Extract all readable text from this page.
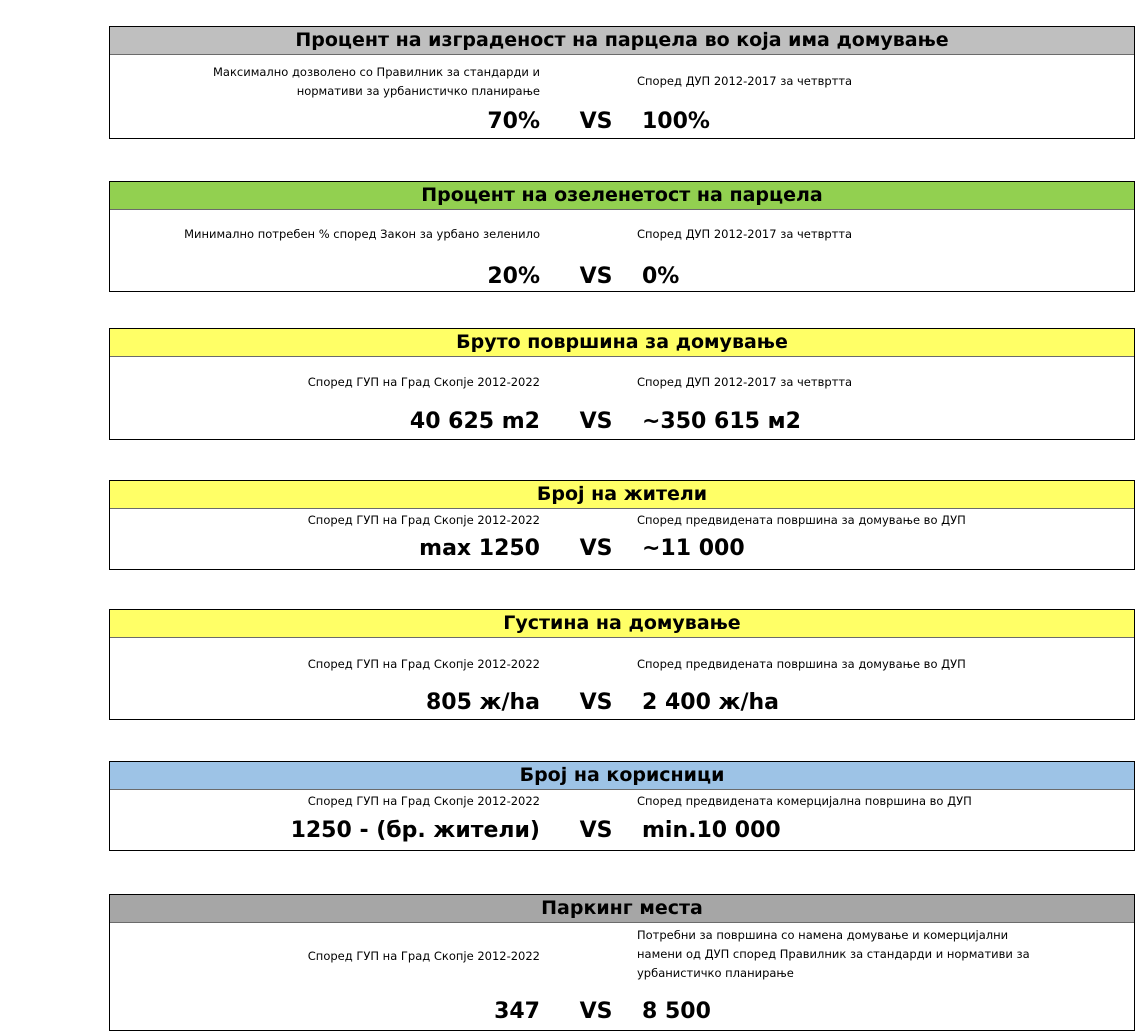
Процент на изграденост на парцела во која има домување
Максимално дозволено со Правилник за стандарди и
нормативи за урбанистичко планирање
Според ДУП 2012-2017 за четвртта
70% VS 100%
Процент на озеленетост на парцела
Минимално потребен % според Закон за урбано зеленило	Според ДУП 2012-2017 за четвртта
20% VS 0%
Бруто површина за домување
Според ГУП на Град Скопје 2012-2022	Според ДУП 2012-2017 за четвртта
40 625 m2 VS ~350 615 м2
Број на жители
Според ГУП на Град Скопје 2012-2022	Според предвидената површина за домување во ДУП
max 1250 VS ~11 000
Густина на домување
Според ГУП на Град Скопје 2012-2022	Според предвидената површина за домување во ДУП
805 ж/ha VS 2 400 ж/ha
Број на корисници
Според ГУП на Град Скопје 2012-2022	Според предвидената комерцијална површина во ДУП
1250 - (бр. жители) VS min.10 000
Паркинг места
Според ГУП на Град Скопје 2012-2022
Потребни за површина со намена домување и комерцијални
намени од ДУП според Правилник за стандарди и нормативи за
урбанистичко планирање
347 VS 8 500
